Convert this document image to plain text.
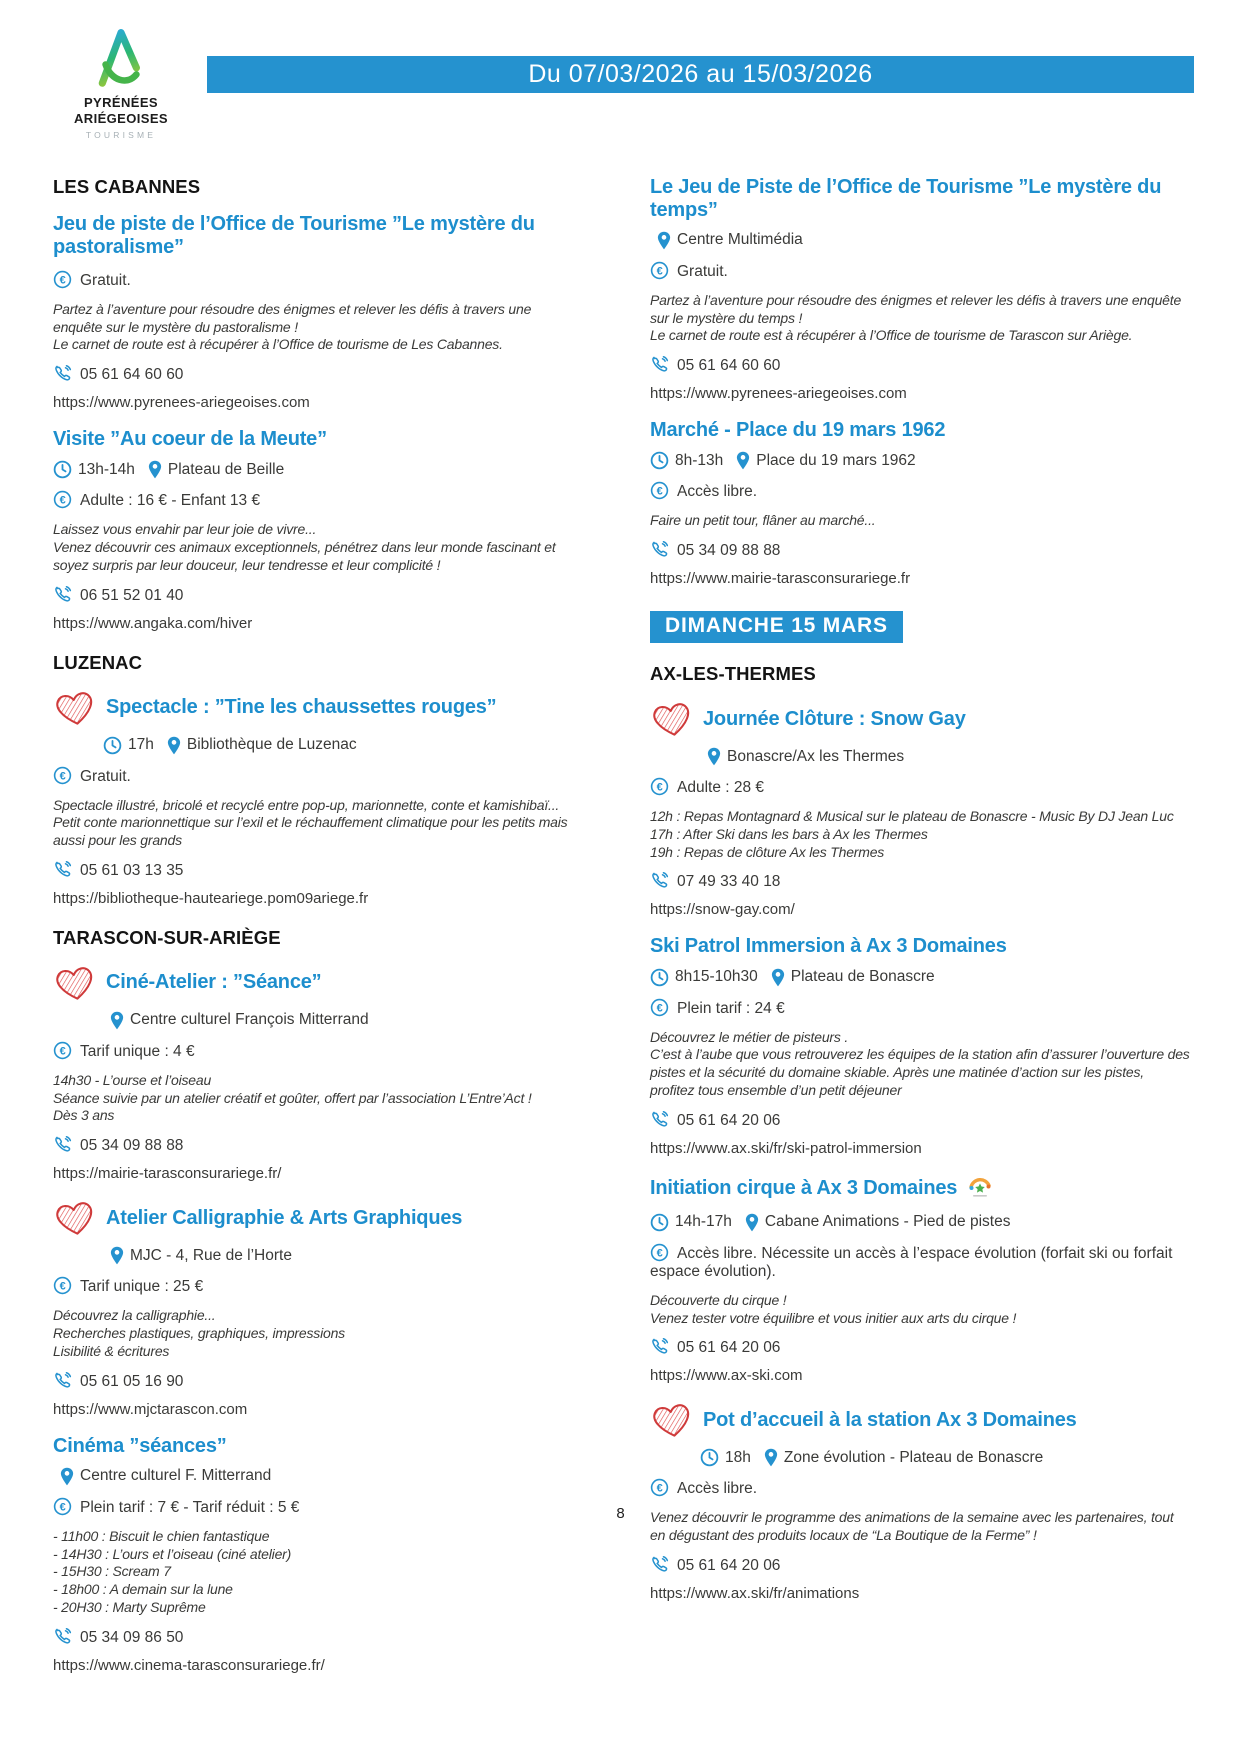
PYRÉNÉES
ARIÉGEOISES
TOURISME
Du 07/03/2026 au 15/03/2026
LES CABANNES
Jeu de piste de l’Office de Tourisme ”Le mystère du pastoralisme”

€ Gratuit.

Partez à l’aventure pour résoudre des énigmes et relever les défis à travers une enquête sur le mystère du pastoralisme !
Le carnet de route est à récupérer à l’Office de tourisme de Les Cabannes.

05 61 64 60 60

https://www.pyrenees-ariegeoises.com

Visite ”Au coeur de la Meute”

13h-14h Plateau de Beille

€ Adulte : 16 € - Enfant 13 €

Laissez vous envahir par leur joie de vivre...
Venez découvrir ces animaux exceptionnels, pénétrez dans leur monde fascinant et soyez surpris par leur douceur, leur tendresse et leur complicité !

06 51 52 01 40

https://www.angaka.com/hiver

LUZENAC
Spectacle : ”Tine les chaussettes rouges”

17h Bibliothèque de Luzenac

€ Gratuit.

Spectacle illustré, bricolé et recyclé entre pop-up, marionnette, conte et kamishibaï...
Petit conte marionnettique sur l’exil et le réchauffement climatique pour les petits mais aussi pour les grands

05 61 03 13 35

https://bibliotheque-hauteariege.pom09ariege.fr

TARASCON-SUR-ARIÈGE
Ciné-Atelier : ”Séance”

Centre culturel François Mitterrand

€ Tarif unique : 4 €

14h30 - L’ourse et l’oiseau
Séance suivie par un atelier créatif et goûter, offert par l’association L’Entre’Act !
Dès 3 ans

05 34 09 88 88

https://mairie-tarasconsurariege.fr/

Atelier Calligraphie & Arts Graphiques

MJC - 4, Rue de l’Horte

€ Tarif unique : 25 €

Découvrez la calligraphie...
Recherches plastiques, graphiques, impressions
Lisibilité & écritures

05 61 05 16 90

https://www.mjctarascon.com

Cinéma ”séances”

Centre culturel F. Mitterrand

€ Plein tarif : 7 € - Tarif réduit : 5 €

- 11h00 : Biscuit le chien fantastique
- 14H30 : L’ours et l’oiseau (ciné atelier)
- 15H30 : Scream 7
- 18h00 : A demain sur la lune
- 20H30 : Marty Suprême

05 34 09 86 50

https://www.cinema-tarasconsurariege.fr/

Le Jeu de Piste de l’Office de Tourisme ”Le mystère du temps”

Centre Multimédia

€ Gratuit.

Partez à l’aventure pour résoudre des énigmes et relever les défis à travers une enquête sur le mystère du temps !
Le carnet de route est à récupérer à l’Office de tourisme de Tarascon sur Ariège.

05 61 64 60 60

https://www.pyrenees-ariegeoises.com

Marché - Place du 19 mars 1962

8h-13h Place du 19 mars 1962

€ Accès libre.

Faire un petit tour, flâner au marché...

05 34 09 88 88

https://www.mairie-tarasconsurariege.fr

DIMANCHE 15 MARS
AX-LES-THERMES
Journée Clôture : Snow Gay

Bonascre/Ax les Thermes

€ Adulte : 28 €

12h : Repas Montagnard & Musical sur le plateau de Bonascre - Music By DJ Jean Luc
17h : After Ski dans les bars à Ax les Thermes
19h : Repas de clôture Ax les Thermes

07 49 33 40 18

https://snow-gay.com/

Ski Patrol Immersion à Ax 3 Domaines

8h15-10h30 Plateau de Bonascre

€ Plein tarif : 24 €

Découvrez le métier de pisteurs .
C’est à l’aube que vous retrouverez les équipes de la station afin d’assurer l’ouverture des pistes et la sécurité du domaine skiable. Après une matinée d’action sur les pistes, profitez tous ensemble d’un petit déjeuner

05 61 64 20 06

https://www.ax.ski/fr/ski-patrol-immersion

Initiation cirque à Ax 3 Domaines

14h-17h Cabane Animations - Pied de pistes

€ Accès libre. Nécessite un accès à l’espace évolution (forfait ski ou forfait espace évolution).

Découverte du cirque !
Venez tester votre équilibre et vous initier aux arts du cirque !

05 61 64 20 06

https://www.ax-ski.com

Pot d’accueil à la station Ax 3 Domaines

18h Zone évolution - Plateau de Bonascre

€ Accès libre.

Venez découvrir le programme des animations de la semaine avec les partenaires, tout en dégustant des produits locaux de “La Boutique de la Ferme” !

05 61 64 20 06

https://www.ax.ski/fr/animations

8
